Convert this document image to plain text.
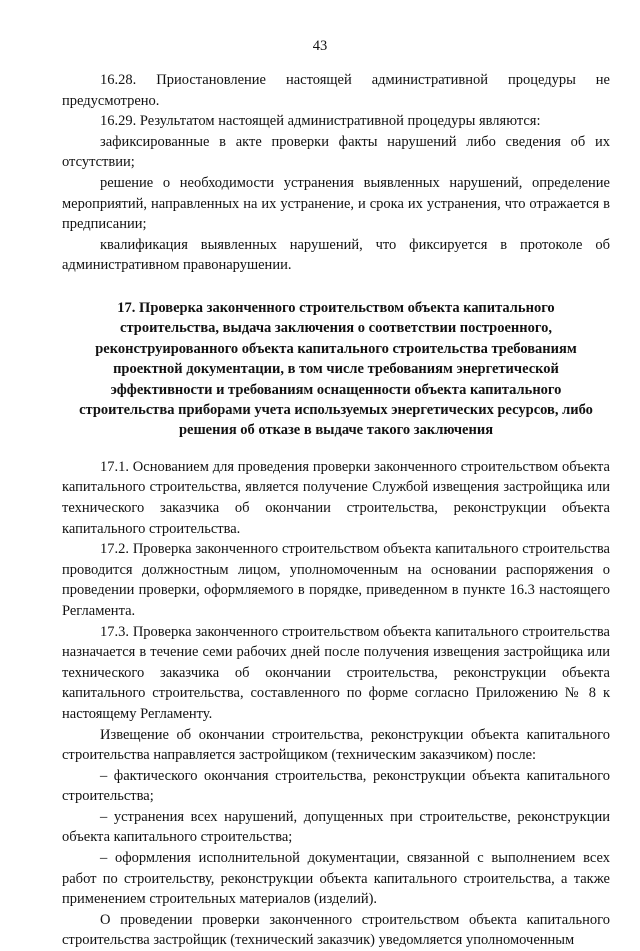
43

16.28. Приостановление настоящей административной процедуры не предусмотрено.

16.29. Результатом настоящей административной процедуры являются:

зафиксированные в акте проверки факты нарушений либо сведения об их отсутствии;

решение о необходимости устранения выявленных нарушений, определение мероприятий, направленных на их устранение, и срока их устранения, что отражается в предписании;

квалификация выявленных нарушений, что фиксируется в протоколе об административном правонарушении.

17. Проверка законченного строительством объекта капитального строительства, выдача заключения о соответствии построенного, реконструированного объекта капитального строительства требованиям проектной документации, в том числе требованиям энергетической эффективности и требованиям оснащенности объекта капитального строительства приборами учета используемых энергетических ресурсов, либо решения об отказе в выдаче такого заключения

17.1. Основанием для проведения проверки законченного строительством объекта капитального строительства, является получение Службой извещения застройщика или технического заказчика об окончании строительства, реконструкции объекта капитального строительства.

17.2. Проверка законченного строительством объекта капитального строительства проводится должностным лицом, уполномоченным на основании распоряжения о проведении проверки, оформляемого в порядке, приведенном в пункте 16.3 настоящего Регламента.

17.3. Проверка законченного строительством объекта капитального строительства назначается в течение семи рабочих дней после получения извещения застройщика или технического заказчика об окончании строительства, реконструкции объекта капитального строительства, составленного по форме согласно Приложению № 8 к настоящему Регламенту.

Извещение об окончании строительства, реконструкции объекта капитального строительства направляется застройщиком (техническим заказчиком) после:

– фактического окончания строительства, реконструкции объекта капитального строительства;

– устранения всех нарушений, допущенных при строительстве, реконструкции объекта капитального строительства;

– оформления исполнительной документации, связанной с выполнением всех работ по строительству, реконструкции объекта капитального строительства, а также применением строительных материалов (изделий).

О проведении проверки законченного строительством объекта капитального строительства застройщик (технический заказчик) уведомляется уполномоченным
